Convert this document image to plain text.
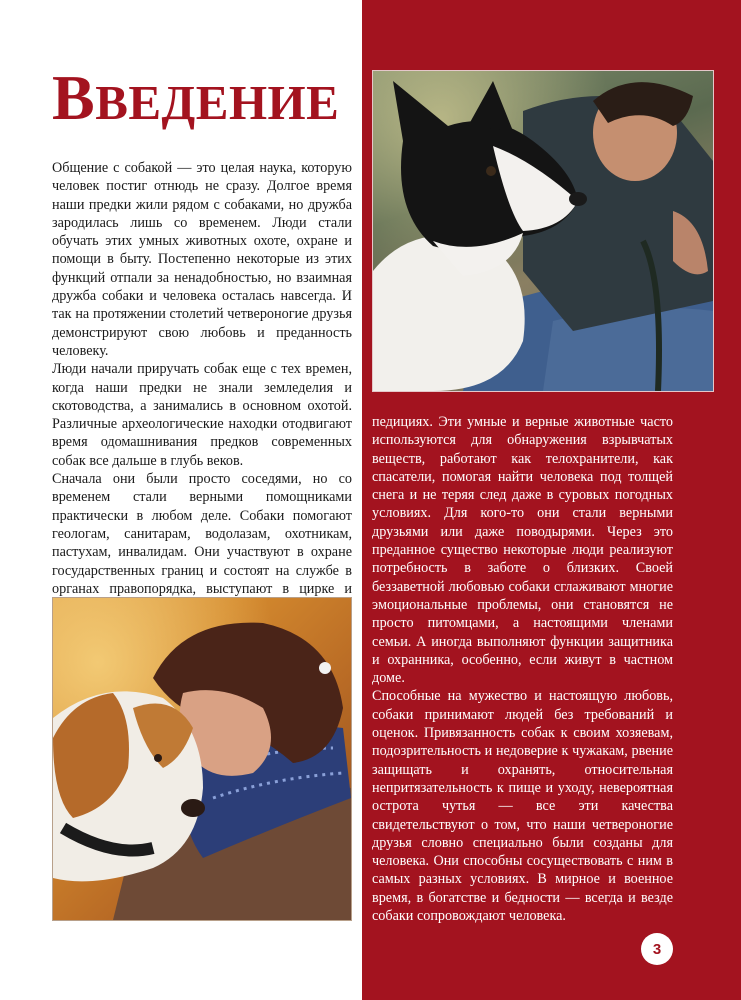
ВВЕДЕНИЕ

Общение с собакой — это целая наука, которую человек постиг отнюдь не сразу. Долгое время наши предки жили рядом с собаками, но дружба зародилась лишь со временем. Люди стали обучать этих умных животных охоте, охране и помощи в быту. Постепенно некоторые из этих функций отпали за ненадобностью, но взаимная дружба собаки и человека осталась навсегда. И так на протяжении столетий четвероногие друзья демонстрируют свою любовь и преданность человеку.

Люди начали приручать собак еще с тех времен, когда наши предки не знали земледелия и скотоводства, а занимались в основном охотой. Различные археологические находки отодвигают время одомашнивания предков современных собак все дальше в глубь веков.

Сначала они были просто соседями, но со временем стали верными помощниками практически в любом деле. Собаки помогают геологам, санитарам, водолазам, охотникам, пастухам, инвалидам. Они участвуют в охране государственных границ и состоят на службе в органах правопорядка, выступают в цирке и

педициях. Эти умные и верные животные часто используются для обнаружения взрывчатых веществ, работают как телохранители, как спасатели, помогая найти человека под толщей снега и не теряя след даже в суровых погодных условиях. Для кого-то они стали верными друзьями или даже поводырями. Через это преданное существо некоторые люди реализуют потребность в заботе о близких. Своей беззаветной любовью собаки сглаживают многие эмоциональные проблемы, они становятся не просто питомцами, а настоящими членами семьи. А иногда выполняют функции защитника и охранника, особенно, если живут в частном доме.

Способные на мужество и настоящую любовь, собаки принимают людей без требований и оценок. Привязанность собак к своим хозяевам, подозрительность и недоверие к чужакам, рвение защищать и охранять, относительная непритязательность к пище и уходу, невероятная острота чутья — все эти качества свидетельствуют о том, что наши четвероногие друзья словно специально были созданы для человека. Они способны сосуществовать с ним в самых разных условиях. В мирное и военное время, в богатстве и бедности — всегда и везде собаки сопровождают человека.

3
